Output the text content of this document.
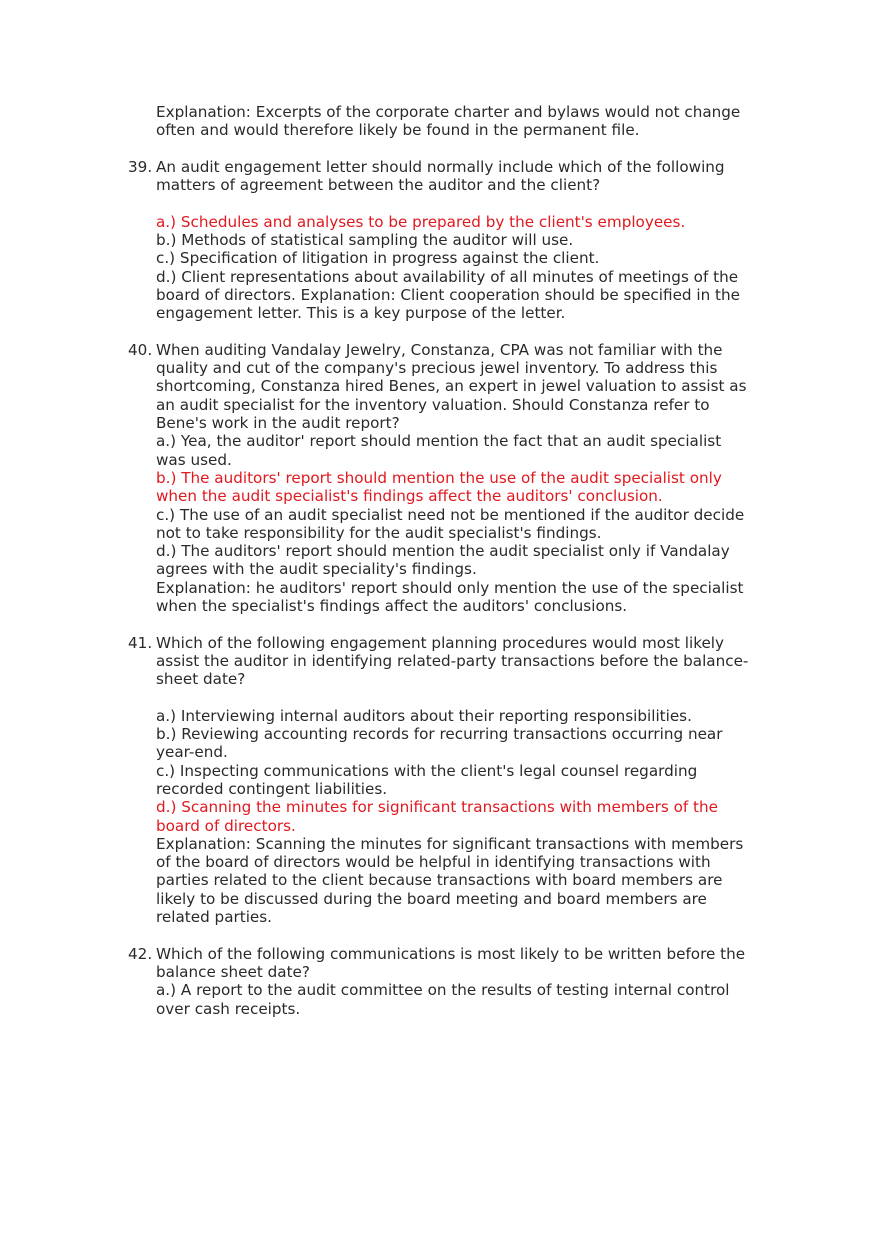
Explanation: Excerpts of the corporate charter and bylaws would not change
often and would therefore likely be found in the permanent file.
39. An audit engagement letter should normally include which of the following
matters of agreement between the auditor and the client?
a.) Schedules and analyses to be prepared by the client's employees.
b.) Methods of statistical sampling the auditor will use.
c.) Specification of litigation in progress against the client.
d.) Client representations about availability of all minutes of meetings of the
board of directors. Explanation: Client cooperation should be specified in the
engagement letter. This is a key purpose of the letter.
40. When auditing Vandalay Jewelry, Constanza, CPA was not familiar with the
quality and cut of the company's precious jewel inventory. To address this
shortcoming, Constanza hired Benes, an expert in jewel valuation to assist as
an audit specialist for the inventory valuation. Should Constanza refer to
Bene's work in the audit report?
a.) Yea, the auditor' report should mention the fact that an audit specialist
was used.
b.) The auditors' report should mention the use of the audit specialist only
when the audit specialist's findings affect the auditors' conclusion.
c.) The use of an audit specialist need not be mentioned if the auditor decide
not to take responsibility for the audit specialist's findings.
d.) The auditors' report should mention the audit specialist only if Vandalay
agrees with the audit speciality's findings.
Explanation: he auditors' report should only mention the use of the specialist
when the specialist's findings affect the auditors' conclusions.
41. Which of the following engagement planning procedures would most likely
assist the auditor in identifying related-party transactions before the balance-
sheet date?
a.) Interviewing internal auditors about their reporting responsibilities.
b.) Reviewing accounting records for recurring transactions occurring near
year-end.
c.) Inspecting communications with the client's legal counsel regarding
recorded contingent liabilities.
d.) Scanning the minutes for significant transactions with members of the
board of directors.
Explanation: Scanning the minutes for significant transactions with members
of the board of directors would be helpful in identifying transactions with
parties related to the client because transactions with board members are
likely to be discussed during the board meeting and board members are
related parties.
42. Which of the following communications is most likely to be written before the
balance sheet date?
a.) A report to the audit committee on the results of testing internal control
over cash receipts.
